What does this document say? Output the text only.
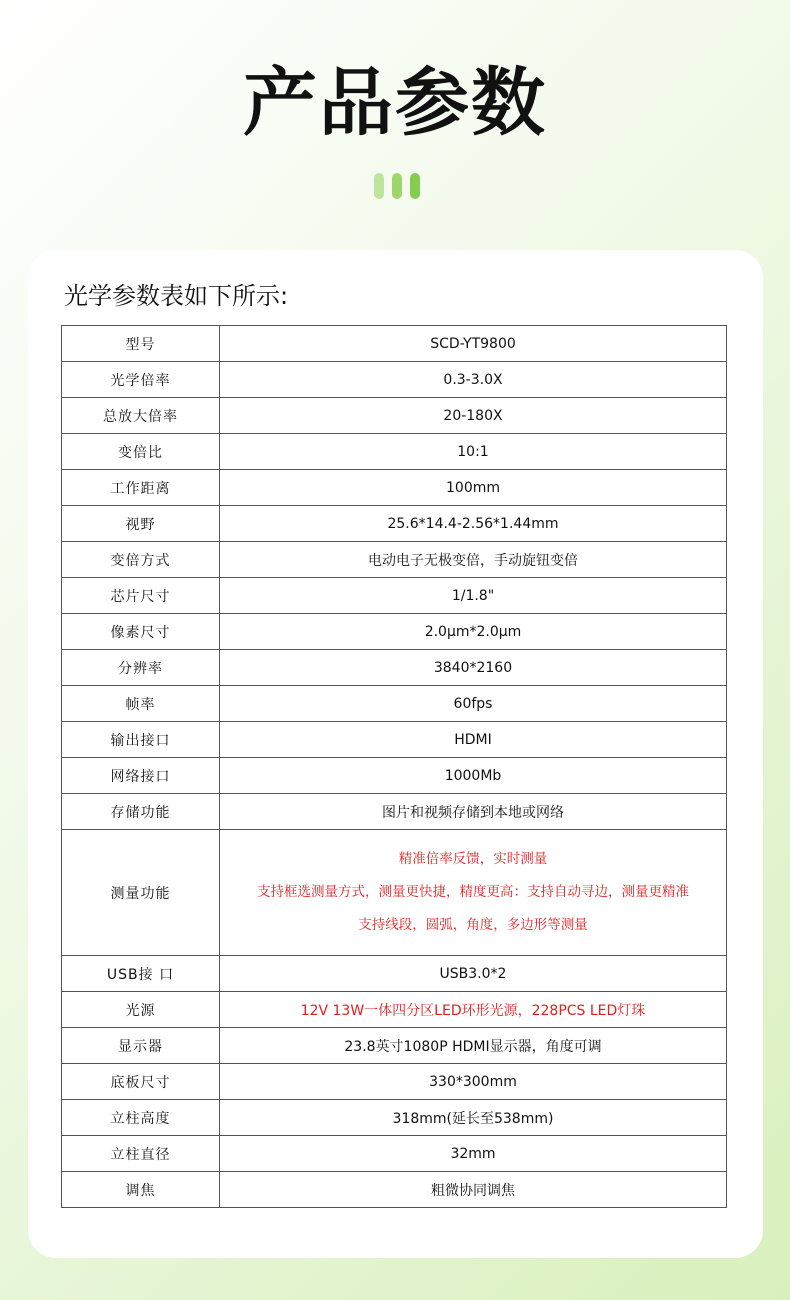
产品参数
光学参数表如下所示:
型号	SCD-YT9800
光学倍率	0.3-3.0X
总放大倍率	20-180X
变倍比	10:1
工作距离	100mm
视野	25.6*14.4-2.56*1.44mm
变倍方式	电动电子无极变倍，手动旋钮变倍
芯片尺寸	1/1.8"
像素尺寸	2.0μm*2.0μm
分辨率	3840*2160
帧率	60fps
输出接口	HDMI
网络接口	1000Mb
存储功能	图片和视频存储到本地或网络
测量功能	精准倍率反馈，实时测量
支持框选测量方式，测量更快捷，精度更高：支持自动寻边，测量更精准
支持线段，圆弧，角度，多边形等测量

USB接 口	USB3.0*2
光源	12V 13W一体四分区LED环形光源，228PCS LED灯珠
显示器	23.8英寸1080P HDMI显示器，角度可调
底板尺寸	330*300mm
立柱高度	318mm(延长至538mm)
立柱直径	32mm
调焦	粗微协同调焦
